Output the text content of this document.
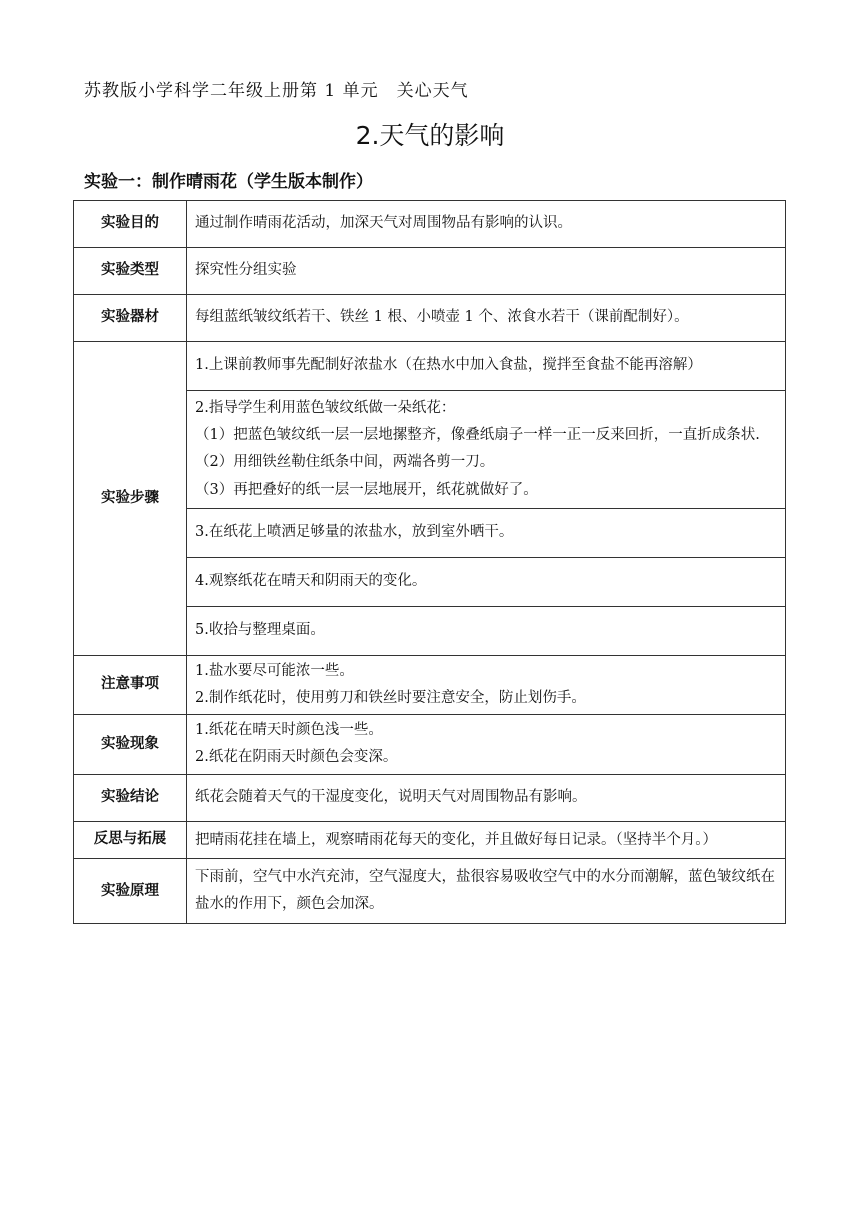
苏教版小学科学二年级上册第 1 单元 关心天气
2.天气的影响
实验一：制作晴雨花（学生版本制作）
实验目的	通过制作晴雨花活动，加深天气对周围物品有影响的认识。
实验类型	探究性分组实验
实验器材	每组蓝纸皱纹纸若干、铁丝 1 根、小喷壶 1 个、浓食水若干（课前配制好）。
实验步骤	1.上课前教师事先配制好浓盐水（在热水中加入食盐，搅拌至食盐不能再溶解）

	2.指导学生利用蓝色皱纹纸做一朵纸花：
（1）把蓝色皱纹纸一层一层地摞整齐，像叠纸扇子一样一正一反来回折，一直折成条状.
（2）用细铁丝勒住纸条中间，两端各剪一刀。
（3）再把叠好的纸一层一层地展开，纸花就做好了。

	3.在纸花上喷洒足够量的浓盐水，放到室外晒干。
	4.观察纸花在晴天和阴雨天的变化。
	5.收拾与整理桌面。
注意事项	1.盐水要尽可能浓一些。
2.制作纸花时，使用剪刀和铁丝时要注意安全，防止划伤手。

实验现象	1.纸花在晴天时颜色浅一些。
2.纸花在阴雨天时颜色会变深。

实验结论	纸花会随着天气的干湿度变化，说明天气对周围物品有影响。
反思与拓展	把晴雨花挂在墙上，观察晴雨花每天的变化，并且做好每日记录。（坚持半个月。）
实验原理	下雨前，空气中水汽充沛，空气湿度大，盐很容易吸收空气中的水分而潮解，蓝色皱纹纸在盐水的作用下，颜色会加深。
